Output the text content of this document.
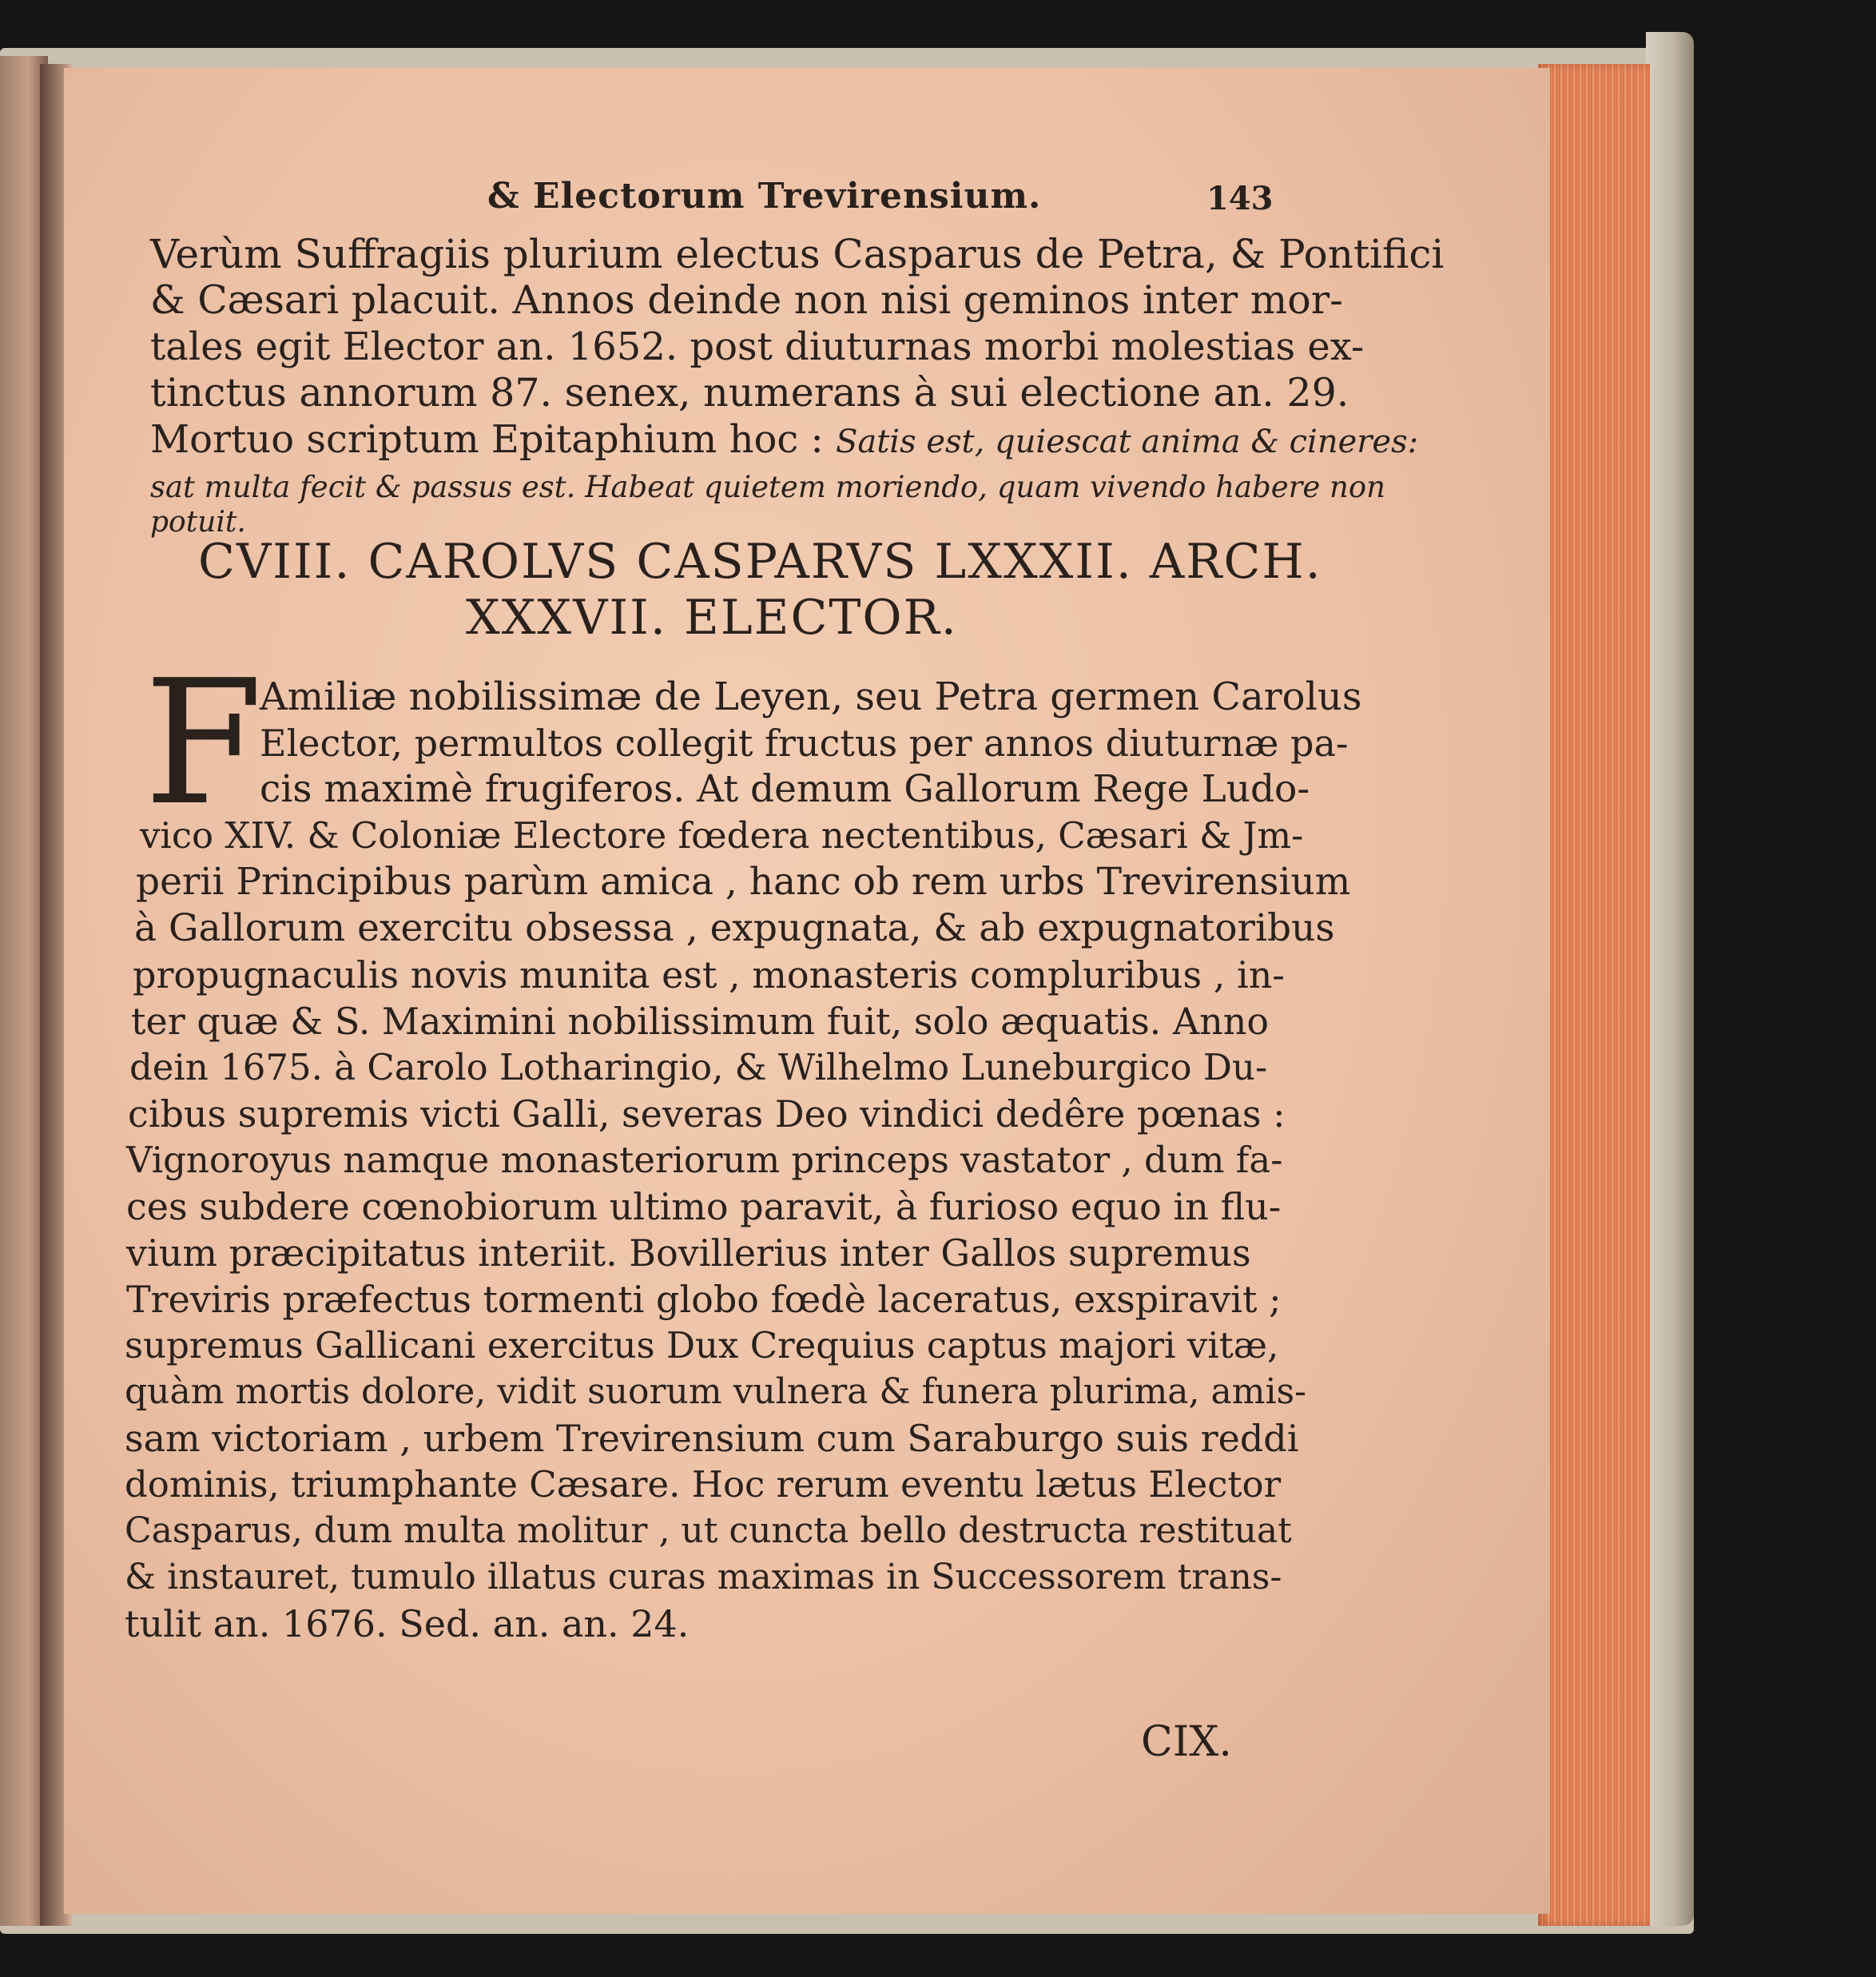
& Electorum Trevirensium.	143
Verùm Suffragiis plurium electus Casparus de Petra, & Pontifici
& Cæsari placuit. Annos deinde non nisi geminos inter mor-
tales egit Elector an. 1652. post diuturnas morbi molestias ex-
tinctus annorum 87. senex, numerans à sui electione an. 29.
Mortuo scriptum Epitaphium hoc : Satis est, quiescat anima & cineres:
sat multa fecit & passus est. Habeat quietem moriendo, quam vivendo habere non
potuit.
CVIII. CAROLVS CASPARVS LXXXII. ARCH.
XXXVII. ELECTOR.
F
Amiliæ nobilissimæ de Leyen, seu Petra germen Carolus
Elector, permultos collegit fructus per annos diuturnæ pa-
cis maximè frugiferos. At demum Gallorum Rege Ludo-
vico XIV. & Coloniæ Electore fœdera nectentibus, Cæsari & Jm-
perii Principibus parùm amica , hanc ob rem urbs Trevirensium
à Gallorum exercitu obsessa , expugnata, & ab expugnatoribus
propugnaculis novis munita est , monasteris compluribus , in-
ter quæ & S. Maximini nobilissimum fuit, solo æquatis. Anno
dein 1675. à Carolo Lotharingio, & Wilhelmo Luneburgico Du-
cibus supremis victi Galli, severas Deo vindici dedêre pœnas :
Vignoroyus namque monasteriorum princeps vastator , dum fa-
ces subdere cœnobiorum ultimo paravit, à furioso equo in flu-
vium præcipitatus interiit. Bovillerius inter Gallos supremus
Treviris præfectus tormenti globo fœdè laceratus, exspiravit ;
supremus Gallicani exercitus Dux Crequius captus majori vitæ,
quàm mortis dolore, vidit suorum vulnera & funera plurima, amis-
sam victoriam , urbem Trevirensium cum Saraburgo suis reddi
dominis, triumphante Cæsare. Hoc rerum eventu lætus Elector
Casparus, dum multa molitur , ut cuncta bello destructa restituat
& instauret, tumulo illatus curas maximas in Successorem trans-
tulit an. 1676. Sed. an. an. 24.
CIX.
